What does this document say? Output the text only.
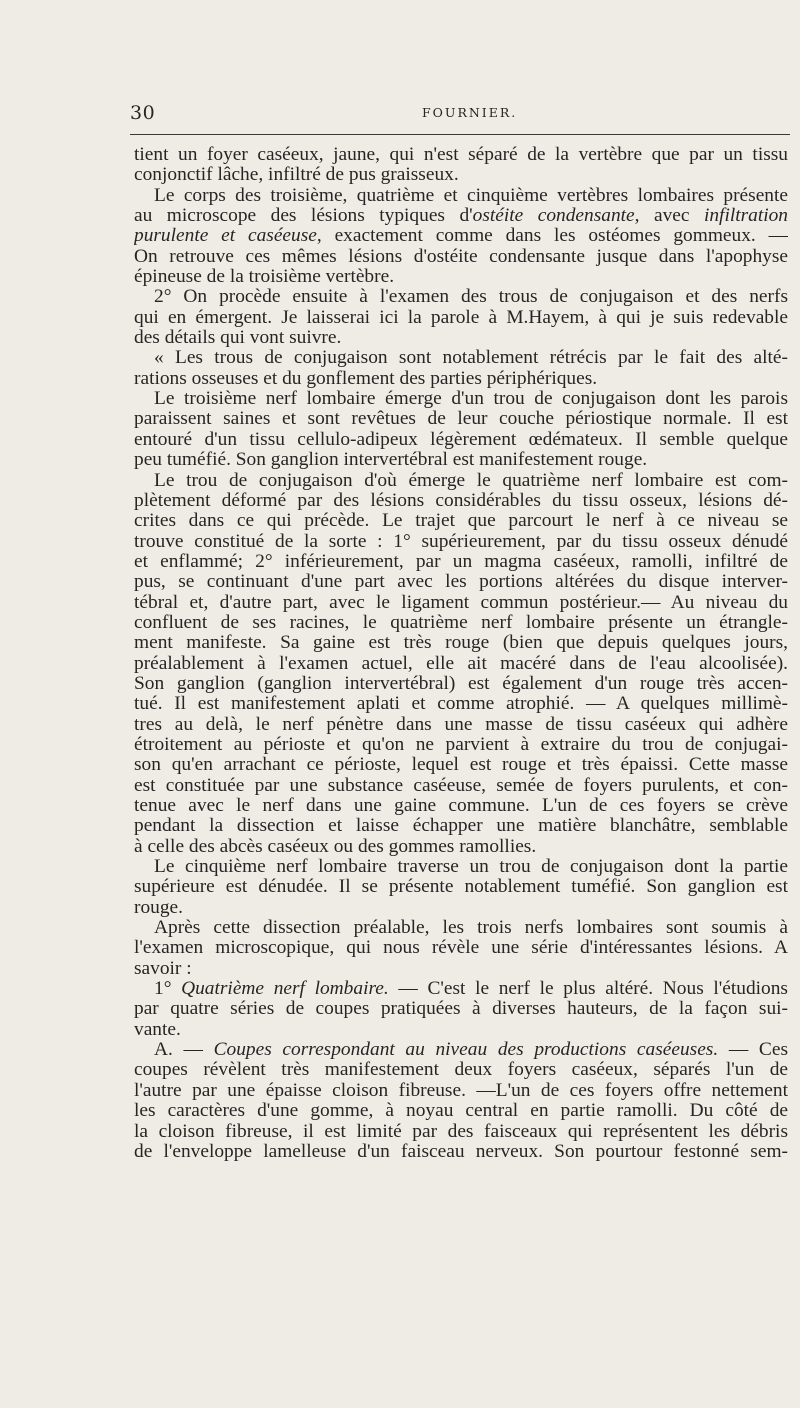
30	FOURNIER.
tient un foyer caséeux, jaune, qui n'est séparé de la vertèbre que par un tissu
conjonctif lâche, infiltré de pus graisseux.
Le corps des troisième, quatrième et cinquième vertèbres lombaires présente
au microscope des lésions typiques d'ostéite condensante, avec infiltration
purulente et caséeuse, exactement comme dans les ostéomes gommeux. —
On retrouve ces mêmes lésions d'ostéite condensante jusque dans l'apophyse
épineuse de la troisième vertèbre.
2° On procède ensuite à l'examen des trous de conjugaison et des nerfs
qui en émergent. Je laisserai ici la parole à M.Hayem, à qui je suis redevable
des détails qui vont suivre.
« Les trous de conjugaison sont notablement rétrécis par le fait des alté-
rations osseuses et du gonflement des parties périphériques.
Le troisième nerf lombaire émerge d'un trou de conjugaison dont les parois
paraissent saines et sont revêtues de leur couche périostique normale. Il est
entouré d'un tissu cellulo-adipeux légèrement œdémateux. Il semble quelque
peu tuméfié. Son ganglion intervertébral est manifestement rouge.
Le trou de conjugaison d'où émerge le quatrième nerf lombaire est com-
plètement déformé par des lésions considérables du tissu osseux, lésions dé-
crites dans ce qui précède. Le trajet que parcourt le nerf à ce niveau se
trouve constitué de la sorte : 1° supérieurement, par du tissu osseux dénudé
et enflammé; 2° inférieurement, par un magma caséeux, ramolli, infiltré de
pus, se continuant d'une part avec les portions altérées du disque interver-
tébral et, d'autre part, avec le ligament commun postérieur.— Au niveau du
confluent de ses racines, le quatrième nerf lombaire présente un étrangle-
ment manifeste. Sa gaine est très rouge (bien que depuis quelques jours,
préalablement à l'examen actuel, elle ait macéré dans de l'eau alcoolisée).
Son ganglion (ganglion intervertébral) est également d'un rouge très accen-
tué. Il est manifestement aplati et comme atrophié. — A quelques millimè-
tres au delà, le nerf pénètre dans une masse de tissu caséeux qui adhère
étroitement au périoste et qu'on ne parvient à extraire du trou de conjugai-
son qu'en arrachant ce périoste, lequel est rouge et très épaissi. Cette masse
est constituée par une substance caséeuse, semée de foyers purulents, et con-
tenue avec le nerf dans une gaine commune. L'un de ces foyers se crève
pendant la dissection et laisse échapper une matière blanchâtre, semblable
à celle des abcès caséeux ou des gommes ramollies.
Le cinquième nerf lombaire traverse un trou de conjugaison dont la partie
supérieure est dénudée. Il se présente notablement tuméfié. Son ganglion est
rouge.
Après cette dissection préalable, les trois nerfs lombaires sont soumis à
l'examen microscopique, qui nous révèle une série d'intéressantes lésions. A
savoir :
1° Quatrième nerf lombaire. — C'est le nerf le plus altéré. Nous l'étudions
par quatre séries de coupes pratiquées à diverses hauteurs, de la façon sui-
vante.
A. — Coupes correspondant au niveau des productions caséeuses. — Ces
coupes révèlent très manifestement deux foyers caséeux, séparés l'un de
l'autre par une épaisse cloison fibreuse. —L'un de ces foyers offre nettement
les caractères d'une gomme, à noyau central en partie ramolli. Du côté de
la cloison fibreuse, il est limité par des faisceaux qui représentent les débris
de l'enveloppe lamelleuse d'un faisceau nerveux. Son pourtour festonné sem-
